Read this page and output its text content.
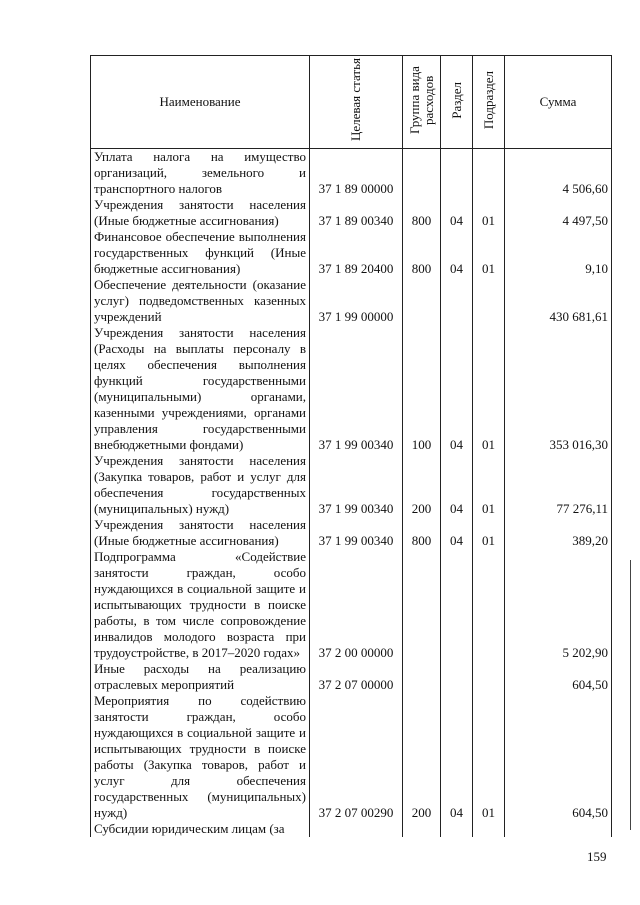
Наименование	Целевая статья	Группа вида расходов	Раздел	Подраздел	Сумма
Уплата налога на имущество организаций, земельного и транспортного налогов	37 1 89 00000				4 506,60
Учреждения занятости населения (Иные бюджетные ассигнования)	37 1 89 00340	800	04	01	4 497,50
Финансовое обеспечение выполнения государственных функций (Иные бюджетные ассигнования)	37 1 89 20400	800	04	01	9,10
Обеспечение деятельности (оказание услуг) подведомственных казенных учреждений	37 1 99 00000				430 681,61
Учреждения занятости населения (Расходы на выплаты персоналу в целях обеспечения выполнения функций государственными (муниципальными) органами, казенными учреждениями, органами управления государственными внебюджетными фондами)	37 1 99 00340	100	04	01	353 016,30
Учреждения занятости населения (Закупка товаров, работ и услуг для обеспечения государственных (муниципальных) нужд)	37 1 99 00340	200	04	01	77 276,11
Учреждения занятости населения (Иные бюджетные ассигнования)	37 1 99 00340	800	04	01	389,20
Подпрограмма «Содействие занятости граждан, особо нуждающихся в социальной защите и испытывающих трудности в поиске работы, в том числе сопровождение инвалидов молодого возраста при трудоустройстве, в 2017–2020 годах»	37 2 00 00000				5 202,90
Иные расходы на реализацию отраслевых мероприятий	37 2 07 00000				604,50
Мероприятия по содействию занятости граждан, особо нуждающихся в социальной защите и испытывающих трудности в поиске работы (Закупка товаров, работ и услуг для обеспечения государственных (муниципальных) нужд)	37 2 07 00290	200	04	01	604,50
Субсидии юридическим лицам (за					
159
